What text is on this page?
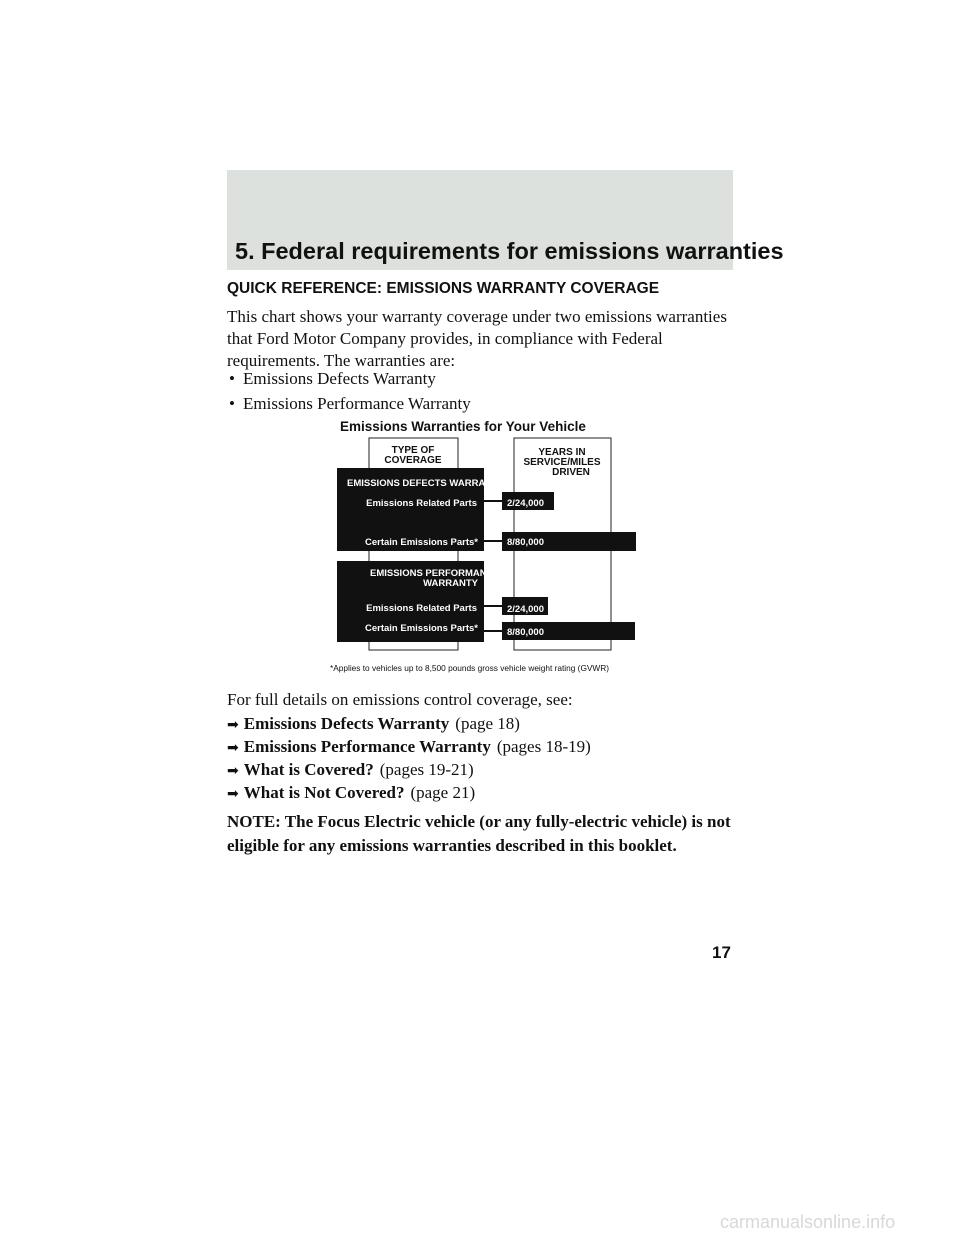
5. Federal requirements for emissions warranties
QUICK REFERENCE: EMISSIONS WARRANTY COVERAGE

This chart shows your warranty coverage under two emissions warranties that Ford Motor Company provides, in compliance with Federal requirements. The warranties are:

• Emissions Defects Warranty
• Emissions Performance Warranty
Emissions Warranties for Your Vehicle
TYPE OF
COVERAGE
YEARS IN
SERVICE/MILES
DRIVEN
EMISSIONS DEFECTS WARRANTY
EMISSIONS PERFORMANCE
WARRANTY
Emissions Related Parts
Certain Emissions Parts*
Emissions Related Parts
Certain Emissions Parts*
2/24,000
8/80,000
2/24,000
8/80,000
*Applies to vehicles up to 8,500 pounds gross vehicle weight rating (GVWR)

For full details on emissions control coverage, see:

➡ Emissions Defects Warranty (page 18)
➡ Emissions Performance Warranty (pages 18-19)
➡ What is Covered? (pages 19-21)
➡ What is Not Covered? (page 21)

NOTE: The Focus Electric vehicle (or any fully-electric vehicle) is not eligible for any emissions warranties described in this booklet.

17

carmanualsonline.info
